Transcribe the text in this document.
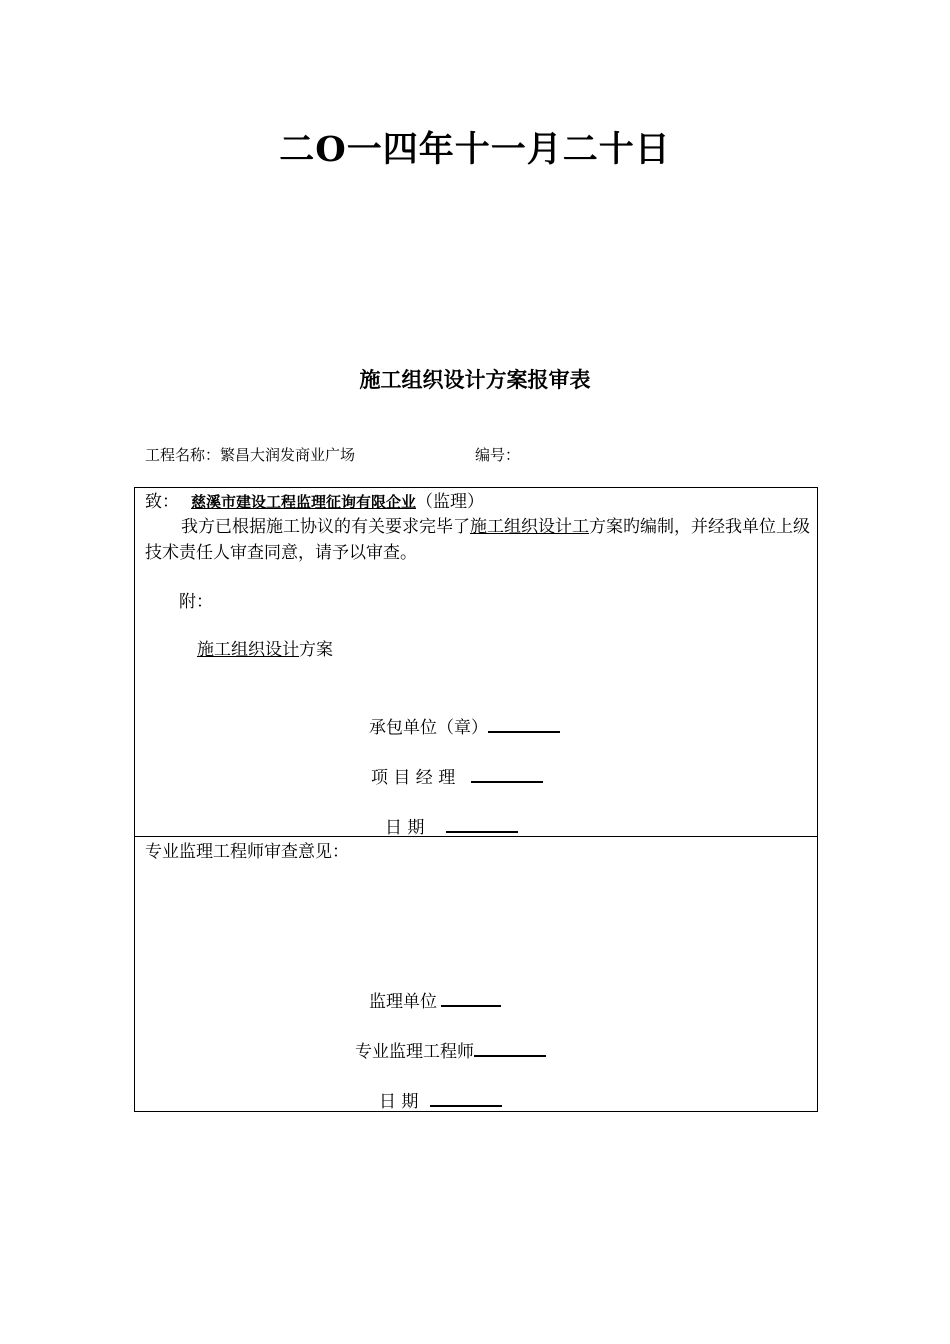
二O一四年十一月二十日
施工组织设计方案报审表
工程名称：繁昌大润发商业广场	编号：
致： 慈溪市建设工程监理征询有限企业（监理）
我方已根据施工协议的有关要求完毕了施工组织设计工方案旳编制，并经我单位上级技术责任人审查同意，请予以审查。
附：
施工组织设计方案
承包单位（章）
项 目 经 理
日 期
专业监理工程师审查意见：
监理单位
专业监理工程师
日 期
